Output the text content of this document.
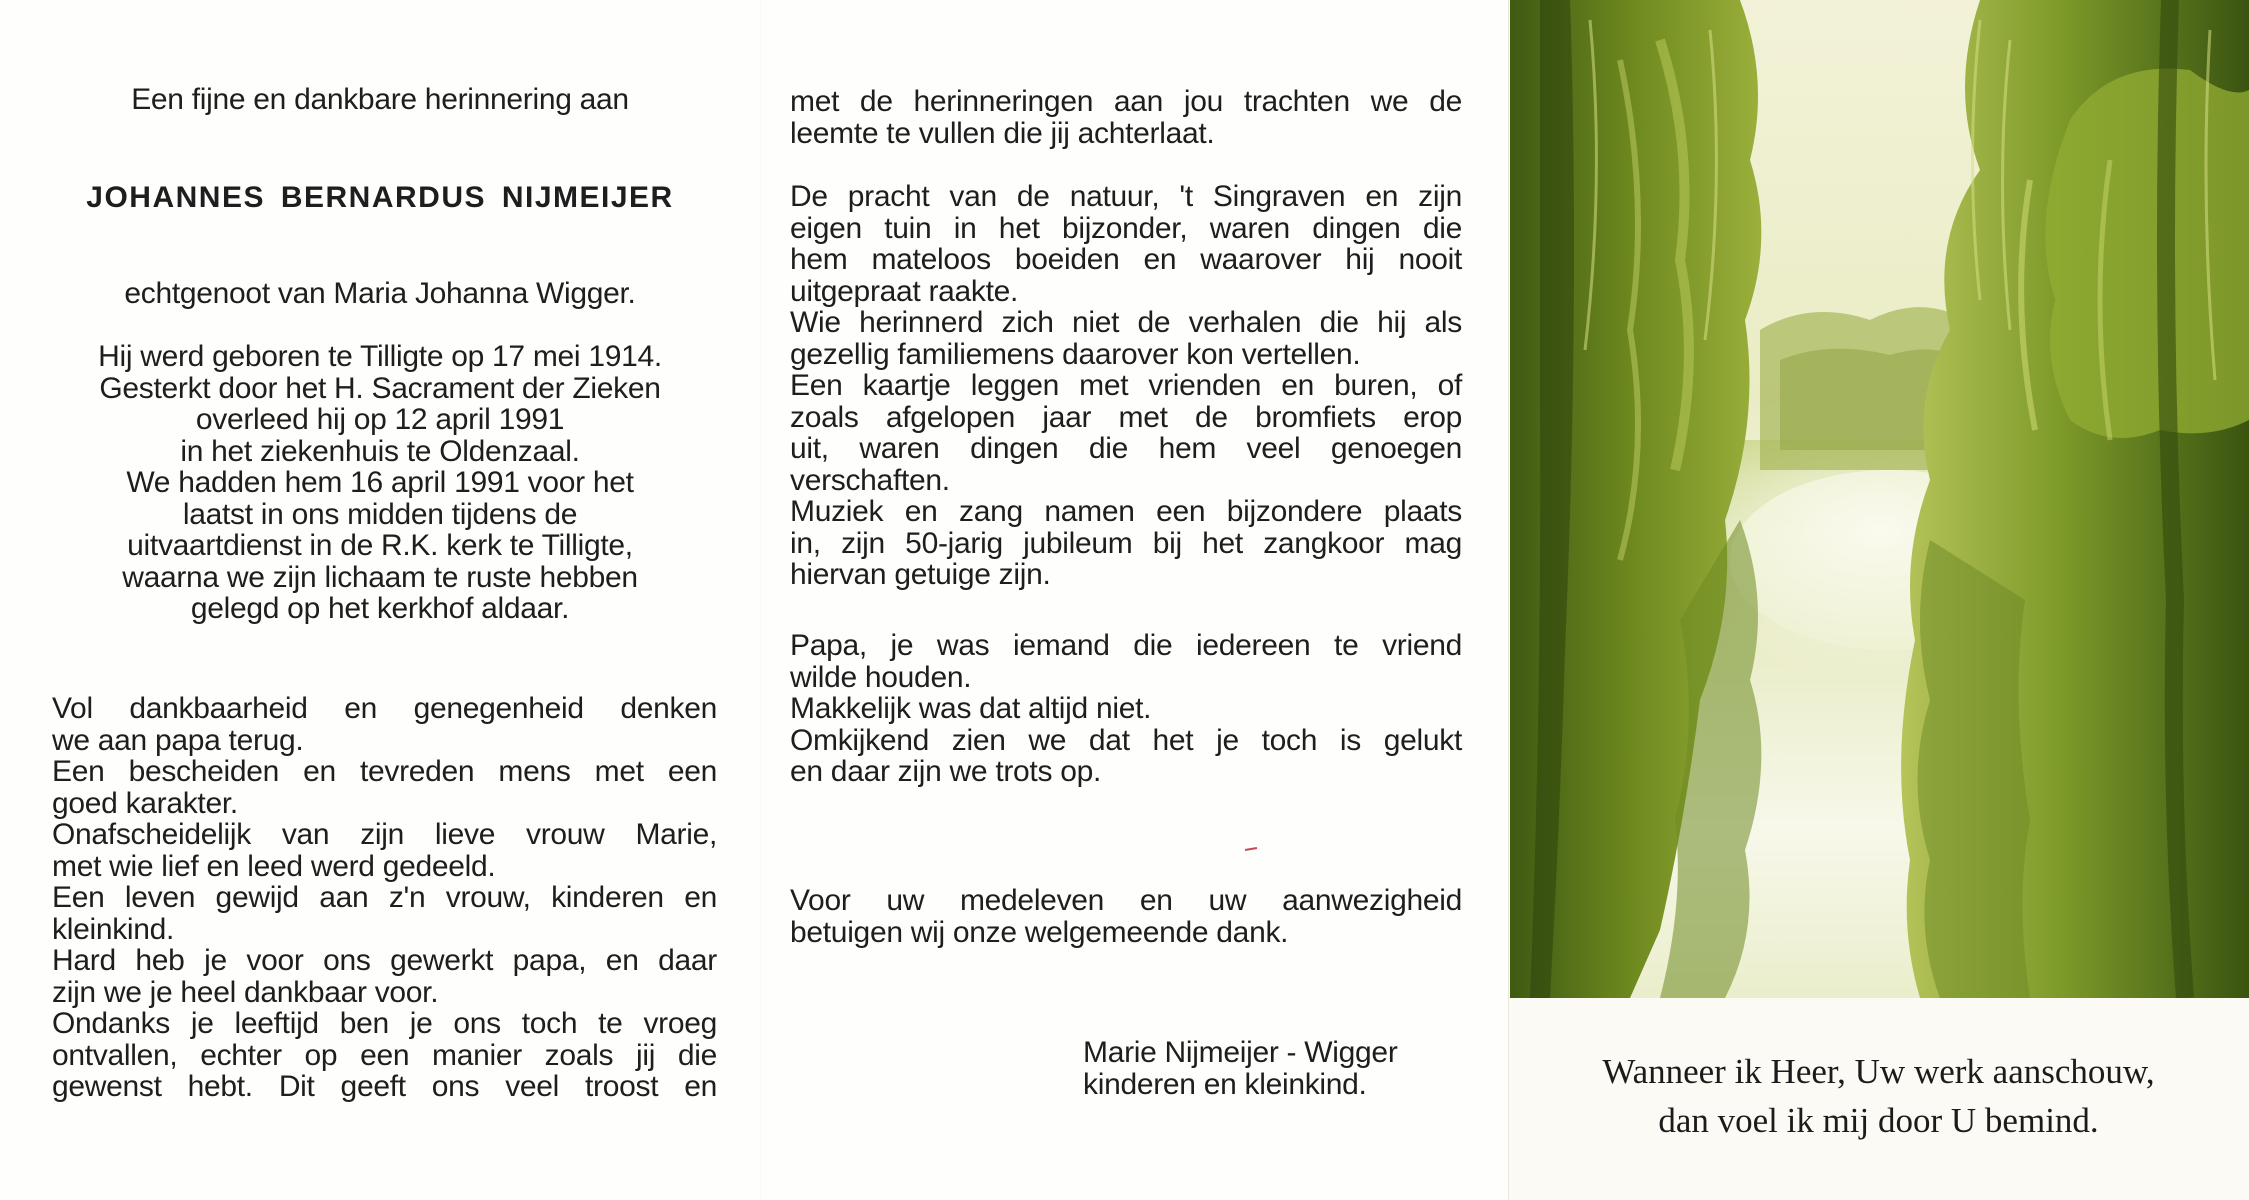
Een fijne en dankbare herinnering aan
JOHANNES BERNARDUS NIJMEIJER
echtgenoot van Maria Johanna Wigger.
Hij werd geboren te Tilligte op 17 mei 1914.
Gesterkt door het H. Sacrament der Zieken
overleed hij op 12 april 1991
in het ziekenhuis te Oldenzaal.
We hadden hem 16 april 1991 voor het
laatst in ons midden tijdens de
uitvaartdienst in de R.K. kerk te Tilligte,
waarna we zijn lichaam te ruste hebben
gelegd op het kerkhof aldaar.
Vol dankbaarheid en genegenheid denken
we aan papa terug.
Een bescheiden en tevreden mens met een
goed karakter.
Onafscheidelijk van zijn lieve vrouw Marie,
met wie lief en leed werd gedeeld.
Een leven gewijd aan z'n vrouw, kinderen en
kleinkind.
Hard heb je voor ons gewerkt papa, en daar
zijn we je heel dankbaar voor.
Ondanks je leeftijd ben je ons toch te vroeg
ontvallen, echter op een manier zoals jij die
gewenst hebt. Dit geeft ons veel troost en
met de herinneringen aan jou trachten we de
leemte te vullen die jij achterlaat.
De pracht van de natuur, 't Singraven en zijn
eigen tuin in het bijzonder, waren dingen die
hem mateloos boeiden en waarover hij nooit
uitgepraat raakte.
Wie herinnerd zich niet de verhalen die hij als
gezellig familiemens daarover kon vertellen.
Een kaartje leggen met vrienden en buren, of
zoals afgelopen jaar met de bromfiets erop
uit, waren dingen die hem veel genoegen
verschaften.
Muziek en zang namen een bijzondere plaats
in, zijn 50-jarig jubileum bij het zangkoor mag
hiervan getuige zijn.
Papa, je was iemand die iedereen te vriend
wilde houden.
Makkelijk was dat altijd niet.
Omkijkend zien we dat het je toch is gelukt
en daar zijn we trots op.
Voor uw medeleven en uw aanwezigheid
betuigen wij onze welgemeende dank.
Marie Nijmeijer - Wigger
kinderen en kleinkind.	Wanneer ik Heer, Uw werk aanschouw,
dan voel ik mij door U bemind.
